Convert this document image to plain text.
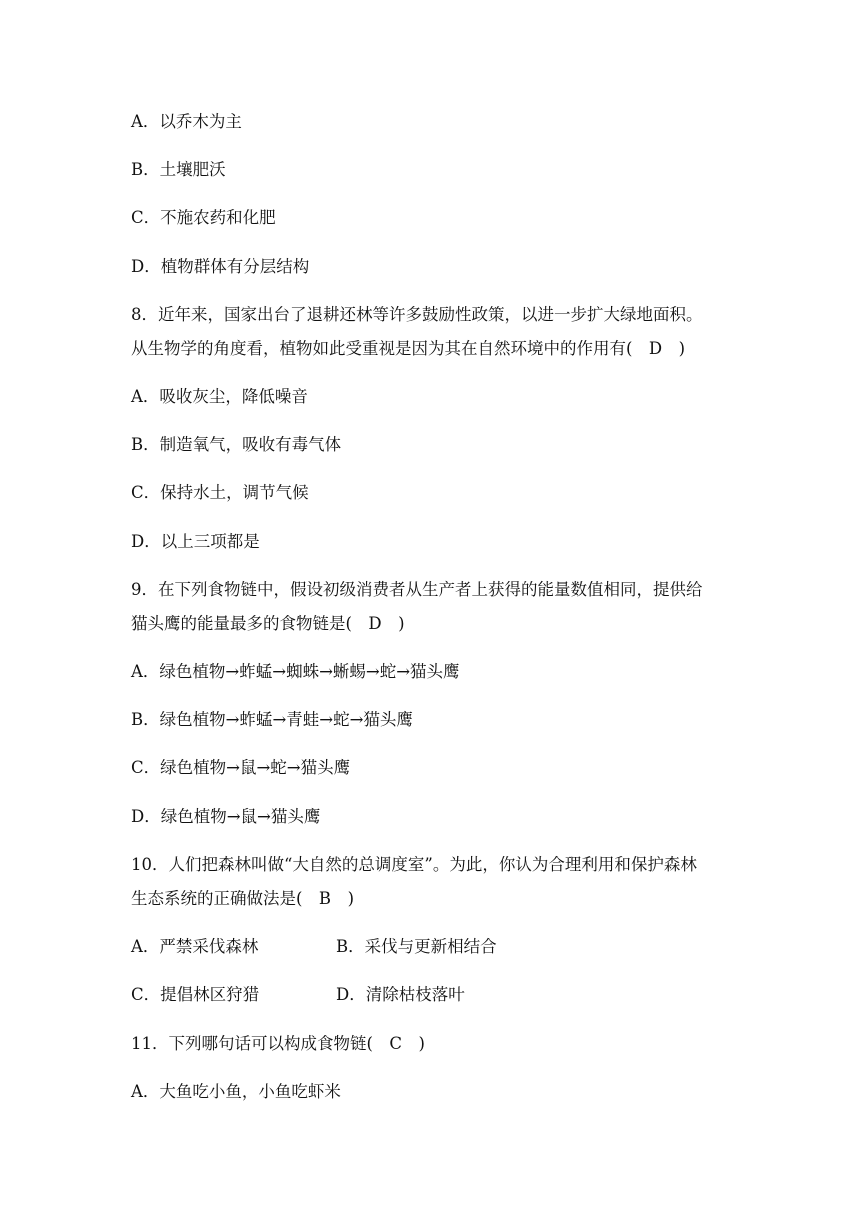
A．以乔木为主
B．土壤肥沃
C．不施农药和化肥
D．植物群体有分层结构
8．近年来，国家出台了退耕还林等许多鼓励性政策，以进一步扩大绿地面积。
从生物学的角度看，植物如此受重视是因为其在自然环境中的作用有(　D　)
A．吸收灰尘，降低噪音
B．制造氧气，吸收有毒气体
C．保持水土，调节气候
D．以上三项都是
9．在下列食物链中，假设初级消费者从生产者上获得的能量数值相同，提供给
猫头鹰的能量最多的食物链是(　D　)
A．绿色植物→蚱蜢→蜘蛛→蜥蜴→蛇→猫头鹰
B．绿色植物→蚱蜢→青蛙→蛇→猫头鹰
C．绿色植物→鼠→蛇→猫头鹰
D．绿色植物→鼠→猫头鹰
10．人们把森林叫做“大自然的总调度室”。为此，你认为合理利用和保护森林
生态系统的正确做法是(　B　)
A．严禁采伐森林	B．采伐与更新相结合
C．提倡林区狩猎	D．清除枯枝落叶
11．下列哪句话可以构成食物链(　C　)
A．大鱼吃小鱼，小鱼吃虾米
